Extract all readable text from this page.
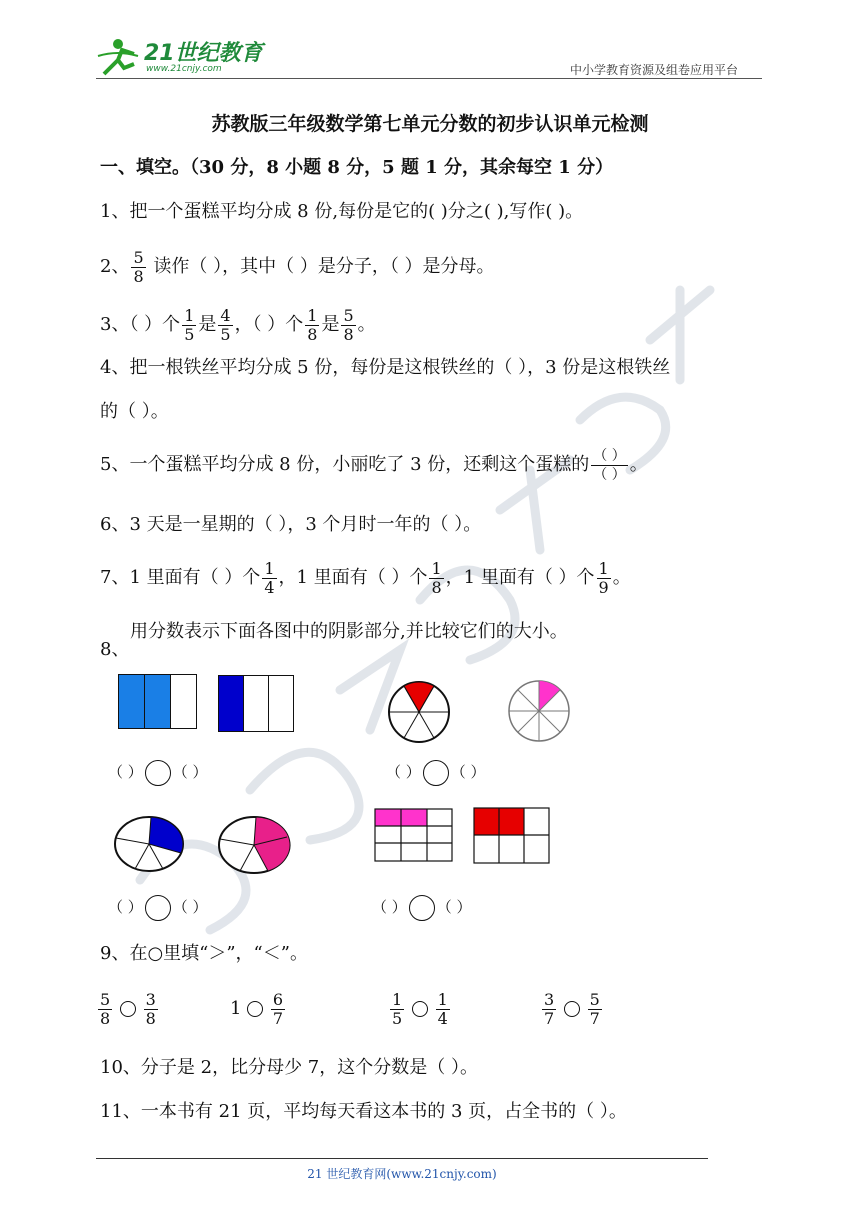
21世纪教育
www.21cnjy.com	中小学教育资源及组卷应用平台
苏教版三年级数学第七单元分数的初步认识单元检测
一、填空。（30 分，8 小题 8 分，5 题 1 分，其余每空 1 分）
1、把一个蛋糕平均分成 8 份,每份是它的( )分之( ),写作( )。
2、 $\frac{5}{8}$ 读作（ ），其中（ ）是分子，（ ）是分母。
3、（ ）个 $\frac{1}{5}$ 是 $\frac{4}{5}$ ，（ ）个 $\frac{1}{8}$ 是 $\frac{5}{8}$ 。
4、把一根铁丝平均分成 5 份，每份是这根铁丝的（ ），3 份是这根铁丝
的（ ）。
5、一个蛋糕平均分成 8 份，小丽吃了 3 份，还剩这个蛋糕的 $\frac{( )}{( )}$ 。
6、3 天是一星期的（ ），3 个月时一年的（ ）。
7、1 里面有（ ）个 $\frac{1}{4}$ ，1 里面有（ ）个 $\frac{1}{8}$ ，1 里面有（ ）个 $\frac{1}{9}$ 。
用分数表示下面各图中的阴影部分,并比较它们的大小。
8、
（ ） （ ）	（ ） （ ）
（ ） （ ）	（ ） （ ）
9、在○里填“＞”，“＜”。
$\frac{5}{8}$
$\frac{3}{8}$	$1 \frac{6}{7}$	$\frac{1}{5}$
$\frac{1}{4}$	$\frac{3}{7}$
$\frac{5}{7}$
10、分子是 2，比分母少 7，这个分数是（ ）。
11、一本书有 21 页，平均每天看这本书的 3 页，占全书的（ ）。
21 世纪教育网(www.21cnjy.com)
